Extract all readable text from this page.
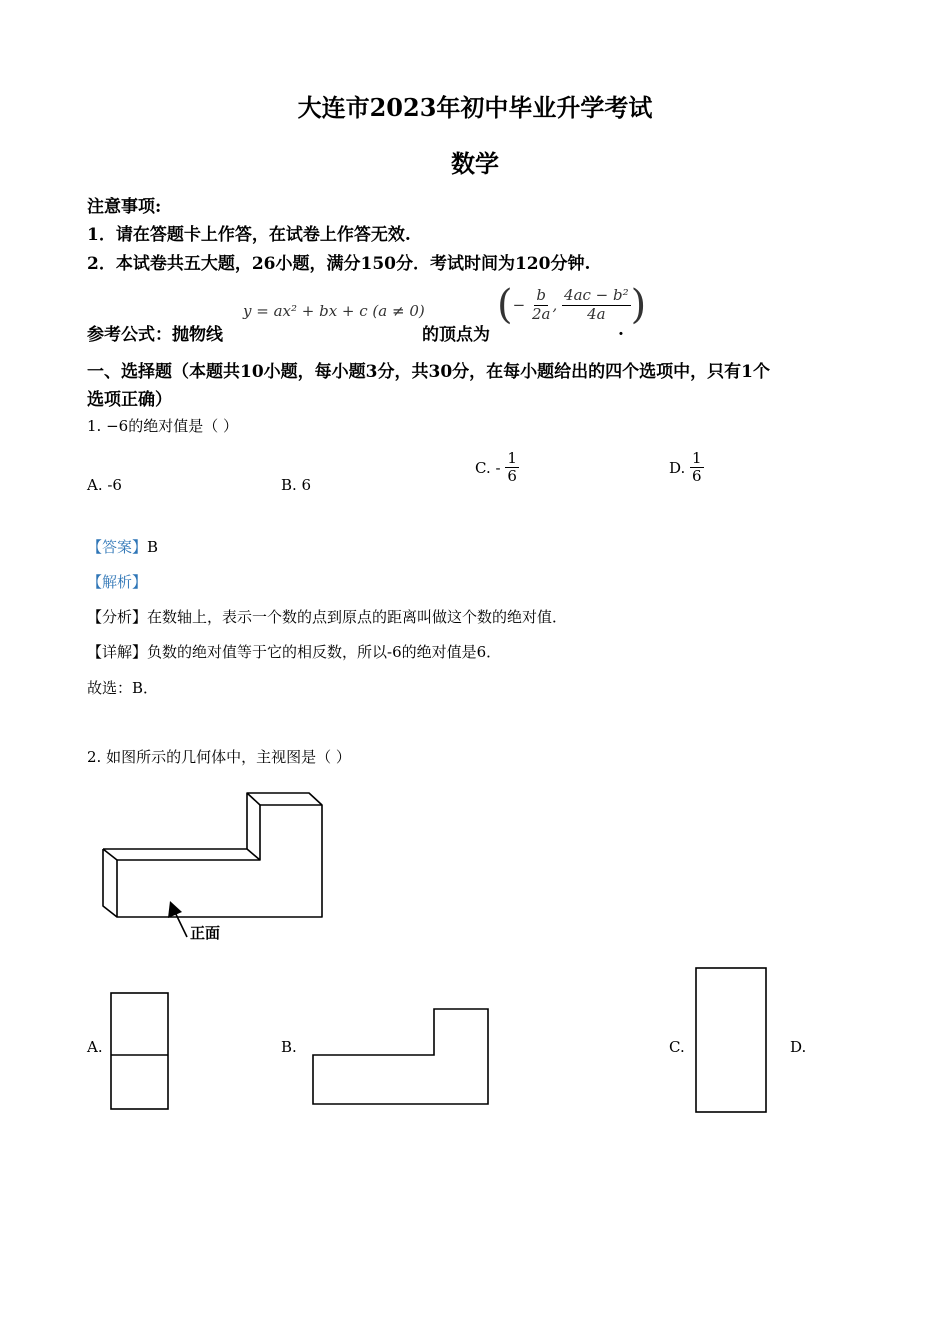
大连市2023年初中毕业升学考试
数学
注意事项:
1．请在答题卡上作答，在试卷上作答无效.
2．本试卷共五大题，26小题，满分150分．考试时间为120分钟.
参考公式：抛物线
y = ax² + bx + c (a ≠ 0)
的顶点为
(− $\frac{b}{2a}$ , $\frac{\text{4ac − b²}}{4a}$ )
.
一、选择题（本题共10小题，每小题3分，共30分，在每小题给出的四个选项中，只有1个
选项正确）
1. −6的绝对值是（ ）
A. -6	B. 6
C. - $\frac{1}{6}$	D. $\frac{1}{6}$
【答案】B
【解析】
【分析】在数轴上，表示一个数的点到原点的距离叫做这个数的绝对值．
【详解】负数的绝对值等于它的相反数，所以-6的绝对值是6．
故选：B．
2. 如图所示的几何体中，主视图是（ ）
正面
A.	B.	C.	D.
